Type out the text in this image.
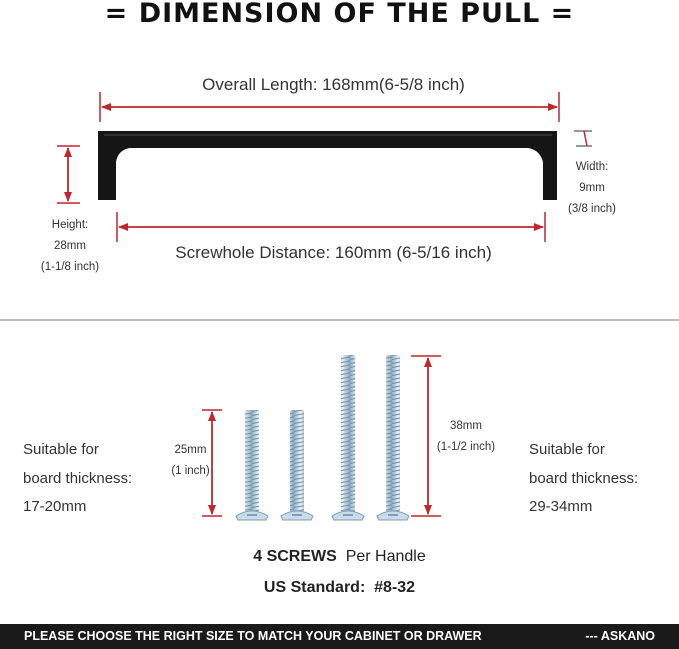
= DIMENSION OF THE PULL =
Overall Length: 168mm(6-5/8 inch)
Screwhole Distance: 160mm (6-5/16 inch)
Height:
28mm
(1-1/8 inch)
Width:
9mm
(3/8 inch)
25mm
(1 inch)
38mm
(1-1/2 inch)
Suitable for
board thickness:
17-20mm
Suitable for
board thickness:
29-34mm
4 SCREWS Per Handle
US Standard: #8-32
PLEASE CHOOSE THE RIGHT SIZE TO MATCH YOUR CABINET OR DRAWER	--- ASKANO
